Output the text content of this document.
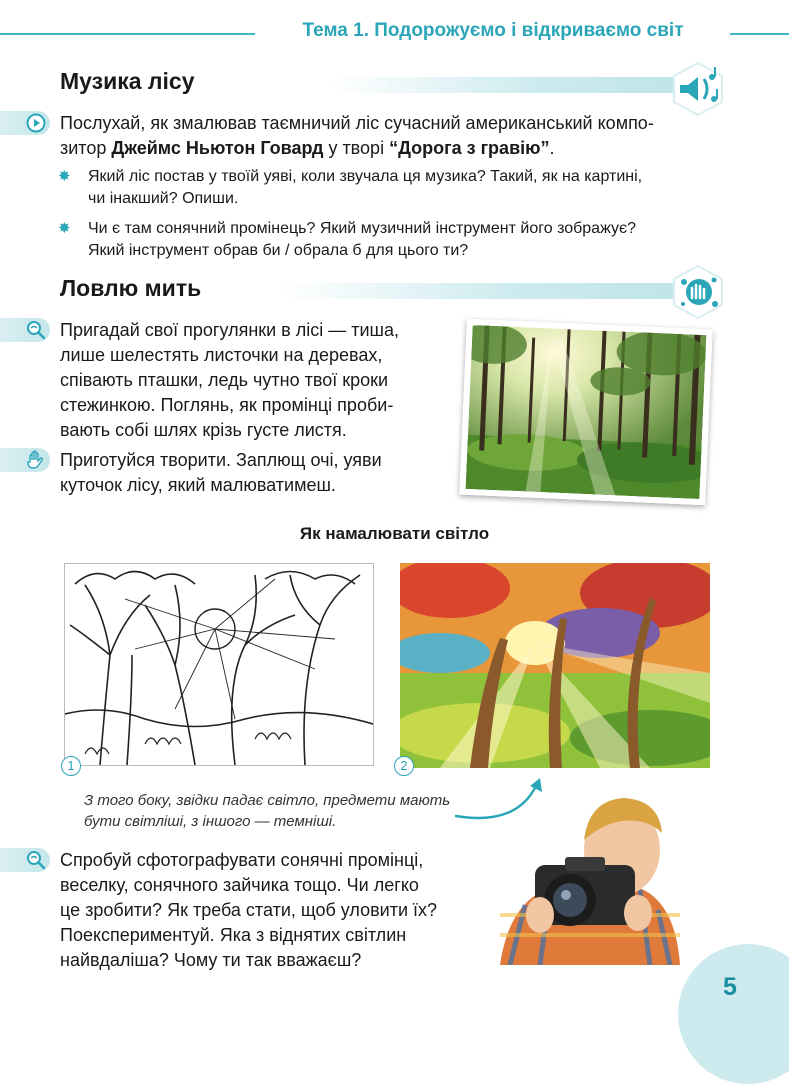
Тема 1. Подорожуємо і відкриваємо світ
Музика лісу
Послухай, як змалював таємничий ліс сучасний американський компо-
зитор Джеймс Ньютон Говард у творі “Дорога з гравію”.
✸ Який ліс постав у твоїй уяві, коли звучала ця музика? Такий, як на картині,
чи інакший? Опиши.
✸ Чи є там сонячний промінець? Який музичний інструмент його зображує?
Який інструмент обрав би / обрала б для цього ти?
Ловлю мить
Пригадай свої прогулянки в лісі — тиша,
лише шелестять листочки на деревах,
співають пташки, ледь чутно твої кроки
стежинкою. Поглянь, як промінці проби-
вають собі шлях крізь густе листя.
Приготуйся творити. Заплющ очі, уяви
куточок лісу, який малюватимеш.
Як намалювати світло
1	2
З того боку, звідки падає світло, предмети мають
бути світліші, з іншого — темніші.
Спробуй сфотографувати сонячні промінці,
веселку, сонячного зайчика тощо. Чи легко
це зробити? Як треба стати, щоб уловити їх?
Поекспериментуй. Яка з віднятих світлин
найвдаліша? Чому ти так вважаєш?
5
